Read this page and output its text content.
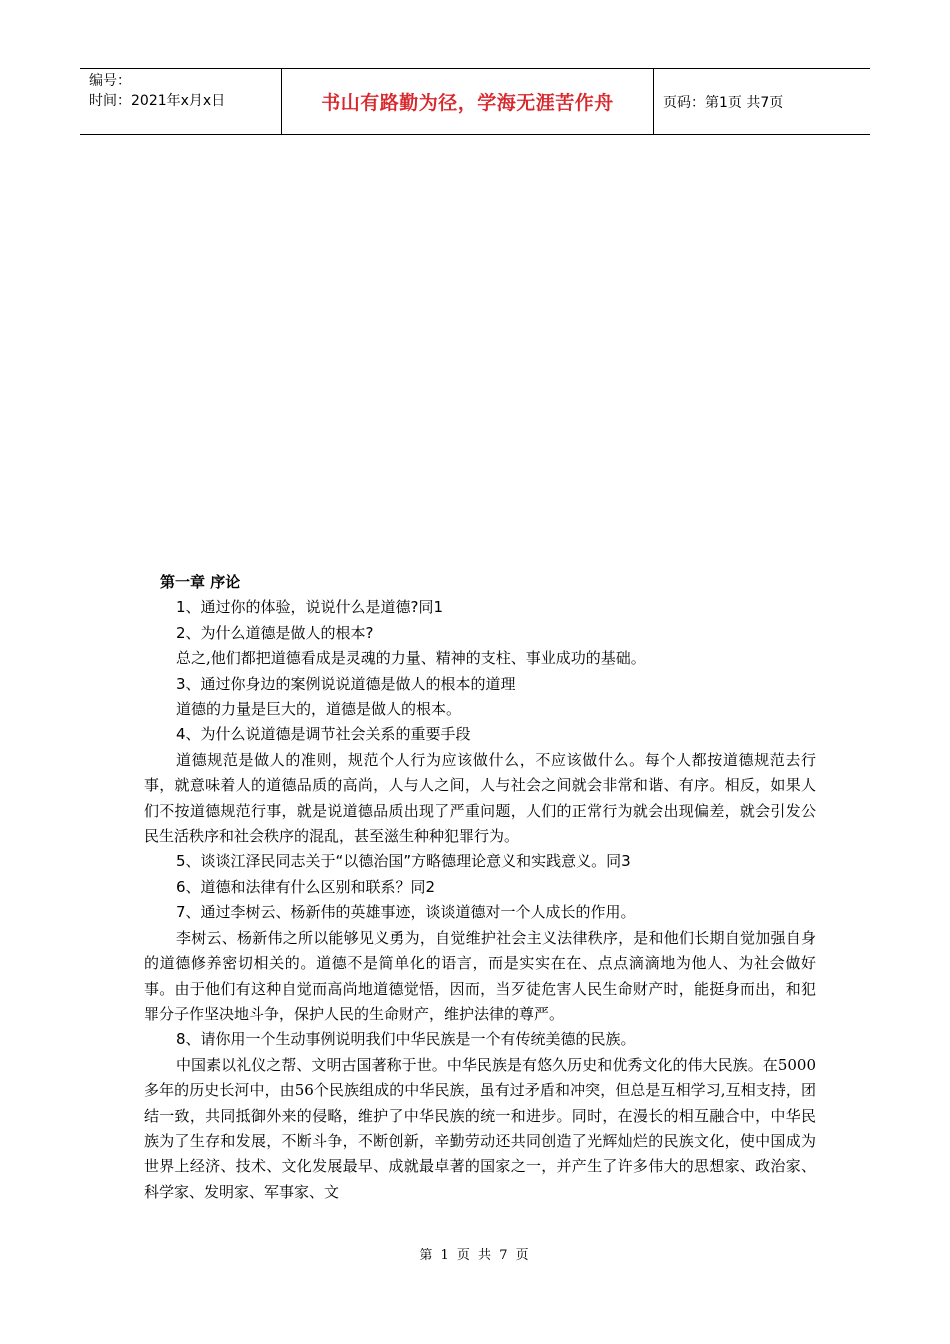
编号：
时间：2021年x月x日	书山有路勤为径，学海无涯苦作舟	页码：第1页 共7页
第一章 序论

1、通过你的体验，说说什么是道德?同1

2、为什么道德是做人的根本?

总之,他们都把道德看成是灵魂的力量、精神的支柱、事业成功的基础。

3、通过你身边的案例说说道德是做人的根本的道理

道德的力量是巨大的，道德是做人的根本。

4、为什么说道德是调节社会关系的重要手段

道德规范是做人的准则，规范个人行为应该做什么，不应该做什么。每个人都按道德规范去行事，就意味着人的道德品质的高尚，人与人之间，人与社会之间就会非常和谐、有序。相反，如果人们不按道德规范行事，就是说道德品质出现了严重问题，人们的正常行为就会出现偏差，就会引发公民生活秩序和社会秩序的混乱，甚至滋生种种犯罪行为。

5、谈谈江泽民同志关于“以德治国”方略德理论意义和实践意义。同3

6、道德和法律有什么区别和联系？同2

7、通过李树云、杨新伟的英雄事迹，谈谈道德对一个人成长的作用。

李树云、杨新伟之所以能够见义勇为，自觉维护社会主义法律秩序，是和他们长期自觉加强自身的道德修养密切相关的。道德不是简单化的语言，而是实实在在、点点滴滴地为他人、为社会做好事。由于他们有这种自觉而高尚地道德觉悟，因而，当歹徒危害人民生命财产时，能挺身而出，和犯罪分子作坚决地斗争，保护人民的生命财产，维护法律的尊严。

8、请你用一个生动事例说明我们中华民族是一个有传统美德的民族。

中国素以礼仪之帮、文明古国著称于世。中华民族是有悠久历史和优秀文化的伟大民族。在5000多年的历史长河中，由56个民族组成的中华民族，虽有过矛盾和冲突，但总是互相学习,互相支持，团结一致，共同抵御外来的侵略，维护了中华民族的统一和进步。同时，在漫长的相互融合中，中华民族为了生存和发展，不断斗争，不断创新，辛勤劳动还共同创造了光辉灿烂的民族文化，使中国成为世界上经济、技术、文化发展最早、成就最卓著的国家之一，并产生了许多伟大的思想家、政治家、科学家、发明家、军事家、文

第 1 页 共 7 页
